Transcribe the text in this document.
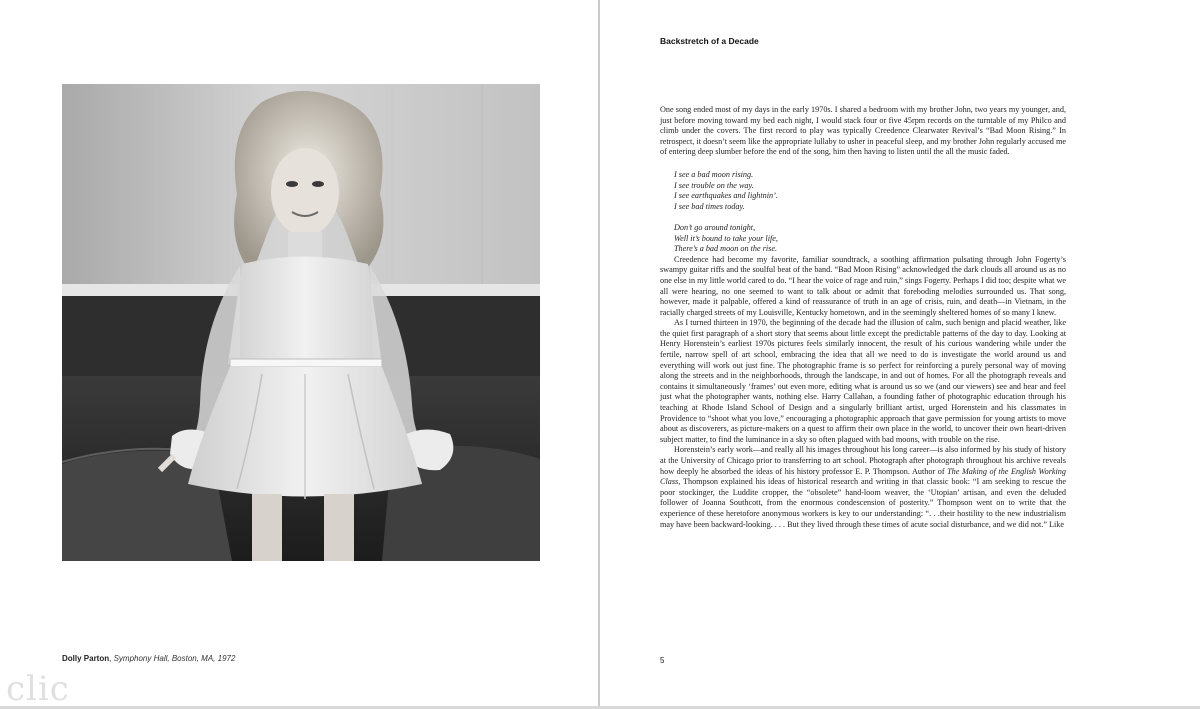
Dolly Parton, Symphony Hall, Boston, MA, 1972
clic
Backstretch of a Decade

One song ended most of my days in the early 1970s. I shared a bedroom with my brother John, two years my younger, and, just before moving toward my bed each night, I would stack four or five 45rpm records on the turntable of my Philco and climb under the covers. The first record to play was typically Creedence Clearwater Revival’s “Bad Moon Rising.” In retrospect, it doesn’t seem like the appropriate lullaby to usher in peaceful sleep, and my brother John regularly accused me of entering deep slumber before the end of the song, him then having to listen until the all the music faded.

I see a bad moon rising.
I see trouble on the way.
I see earthquakes and lightnin’.
I see bad times today.
Don’t go around tonight,
Well it’s bound to take your life,
There’s a bad moon on the rise.

Creedence had become my favorite, familiar soundtrack, a soothing affirmation pulsating through John Fogerty’s swampy guitar riffs and the soulful beat of the band. “Bad Moon Rising” acknowledged the dark clouds all around us as no one else in my little world cared to do. “I hear the voice of rage and ruin,” sings Fogerty. Perhaps I did too; despite what we all were hearing, no one seemed to want to talk about or admit that foreboding melodies surrounded us. That song, however, made it palpable, offered a kind of reassurance of truth in an age of crisis, ruin, and death—in Vietnam, in the racially charged streets of my Louisville, Kentucky hometown, and in the seemingly sheltered homes of so many I knew.

As I turned thirteen in 1970, the beginning of the decade had the illusion of calm, such benign and placid weather, like the quiet first paragraph of a short story that seems about little except the predictable patterns of the day to day. Looking at Henry Horenstein’s earliest 1970s pictures feels similarly innocent, the result of his curious wandering while under the fertile, narrow spell of art school, embracing the idea that all we need to do is investigate the world around us and everything will work out just fine. The photographic frame is so perfect for reinforcing a purely personal way of moving along the streets and in the neighborhoods, through the landscape, in and out of homes. For all the photograph reveals and contains it simultaneously ‘frames’ out even more, editing what is around us so we (and our viewers) see and hear and feel just what the photographer wants, nothing else. Harry Callahan, a founding father of photographic education through his teaching at Rhode Island School of Design and a singularly brilliant artist, urged Horenstein and his classmates in Providence to “shoot what you love,” encouraging a photographic approach that gave permission for young artists to move about as discoverers, as picture-makers on a quest to affirm their own place in the world, to uncover their own heart-driven subject matter, to find the luminance in a sky so often plagued with bad moons, with trouble on the rise.

Horenstein’s early work—and really all his images throughout his long career—is also informed by his study of history at the University of Chicago prior to transferring to art school. Photograph after photograph throughout his archive reveals how deeply he absorbed the ideas of his history professor E. P. Thompson. Author of The Making of the English Working Class, Thompson explained his ideas of historical research and writing in that classic book: “I am seeking to rescue the poor stockinger, the Luddite cropper, the “obsolete” hand-loom weaver, the ‘Utopian’ artisan, and even the deluded follower of Joanna Southcott, from the enormous condescension of posterity.” Thompson went on to write that the experience of these heretofore anonymous workers is key to our understanding: “. . .their hostility to the new industrialism may have been backward-looking. . . . But they lived through these times of acute social disturbance, and we did not.” Like

5
